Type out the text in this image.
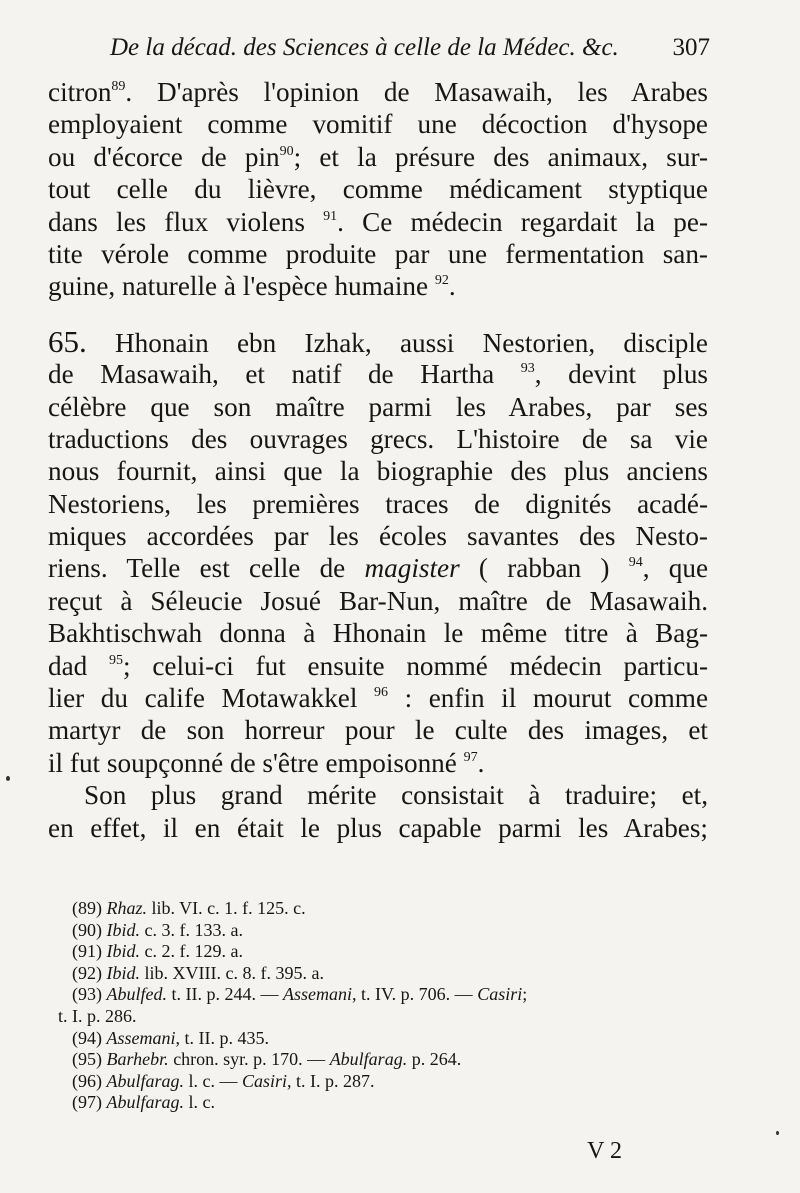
De la décad. des Sciences à celle de la Médec. &c. 307
citron$^{89}$. D'après l'opinion de Masawaih, les Arabes
employaient comme vomitif une décoction d'hysope
ou d'écorce de pin$^{90}$; et la présure des animaux, sur-
tout celle du lièvre, comme médicament styptique
dans les flux violens $^{91}$. Ce médecin regardait la pe-
tite vérole comme produite par une fermentation san-
guine, naturelle à l'espèce humaine $^{92}$.
65. Hhonain ebn Izhak, aussi Nestorien, disciple
de Masawaih, et natif de Hartha $^{93}$, devint plus
célèbre que son maître parmi les Arabes, par ses
traductions des ouvrages grecs. L'histoire de sa vie
nous fournit, ainsi que la biographie des plus anciens
Nestoriens, les premières traces de dignités acadé-
miques accordées par les écoles savantes des Nesto-
riens. Telle est celle de magister ( rabban ) $^{94}$, que
reçut à Séleucie Josué Bar-Nun, maître de Masawaih.
Bakhtischwah donna à Hhonain le même titre à Bag-
dad $^{95}$; celui-ci fut ensuite nommé médecin particu-
lier du calife Motawakkel $^{96}$ : enfin il mourut comme
martyr de son horreur pour le culte des images, et
il fut soupçonné de s'être empoisonné $^{97}$.
Son plus grand mérite consistait à traduire; et,
en effet, il en était le plus capable parmi les Arabes;
(89) Rhaz. lib. VI. c. 1. f. 125. c.
(90) Ibid. c. 3. f. 133. a.
(91) Ibid. c. 2. f. 129. a.
(92) Ibid. lib. XVIII. c. 8. f. 395. a.
(93) Abulfed. t. II. p. 244. — Assemani, t. IV. p. 706. — Casiri;
t. I. p. 286.
(94) Assemani, t. II. p. 435.
(95) Barhebr. chron. syr. p. 170. — Abulfarag. p. 264.
(96) Abulfarag. l. c. — Casiri, t. I. p. 287.
(97) Abulfarag. l. c.
V 2
